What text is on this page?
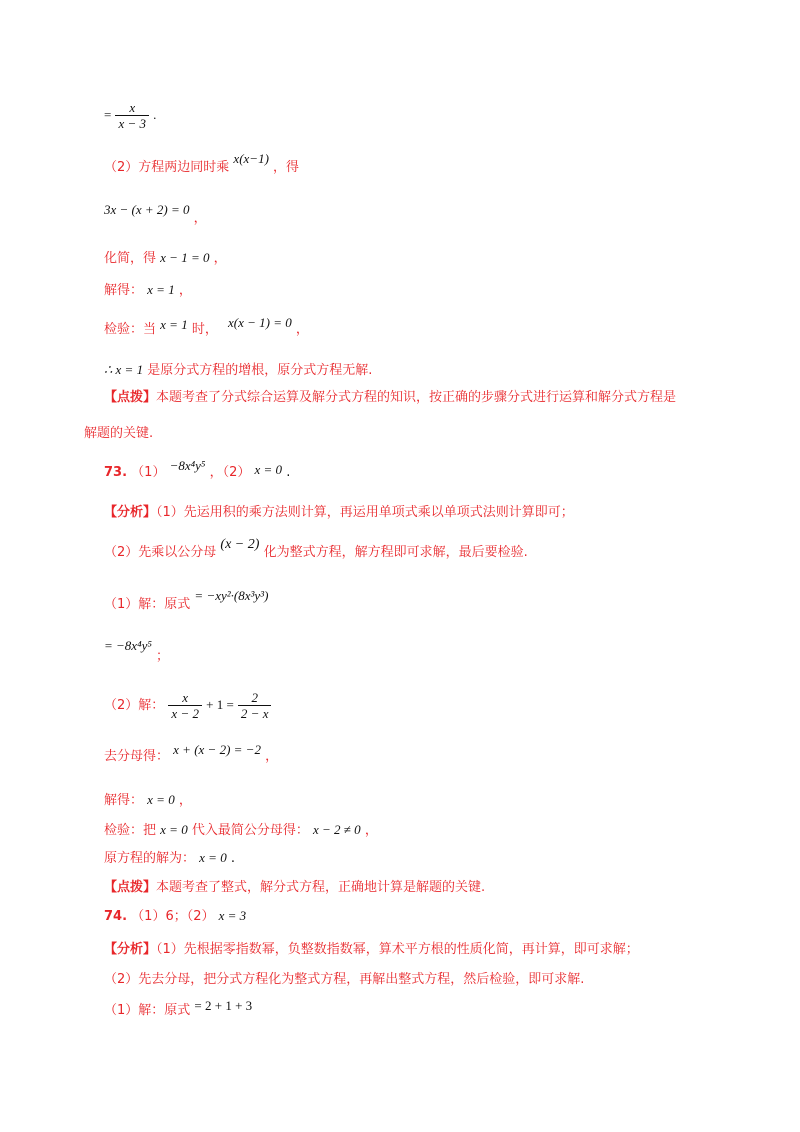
= $\frac{x}{x - 3}$ .
（2）方程两边同时乘 x(x−1) ，得
3x − (x + 2) = 0 ，
化简，得 x − 1 = 0 ，
解得： x = 1 ，
检验：当 x = 1 时， x(x − 1) = 0 ，
∴ x = 1 是原分式方程的增根，原分式方程无解.
【点拨】本题考查了分式综合运算及解分式方程的知识，按正确的步骤分式进行运算和解分式方程是
解题的关键.
73. （1） −8x⁴y⁵ ，（2） x = 0 .
【分析】（1）先运用积的乘方法则计算，再运用单项式乘以单项式法则计算即可；
（2）先乘以公分母 (x − 2) 化为整式方程，解方程即可求解，最后要检验.
（1）解：原式 = −xy²·(8x³y³)
= −8x⁴y⁵ ；
（2）解： $\frac{x}{x - 2} + 1 = \frac{2}{2 - x}$
去分母得： x + (x − 2) = −2 ，
解得： x = 0 ，
检验：把 x = 0 代入最简公分母得： x − 2 ≠ 0 ，
原方程的解为： x = 0 .
【点拨】本题考查了整式，解分式方程，正确地计算是解题的关键.
74. （1）6；（2） x = 3
【分析】（1）先根据零指数幂，负整数指数幂，算术平方根的性质化简，再计算，即可求解；
（2）先去分母，把分式方程化为整式方程，再解出整式方程，然后检验，即可求解.
（1）解：原式 = 2 + 1 + 3
